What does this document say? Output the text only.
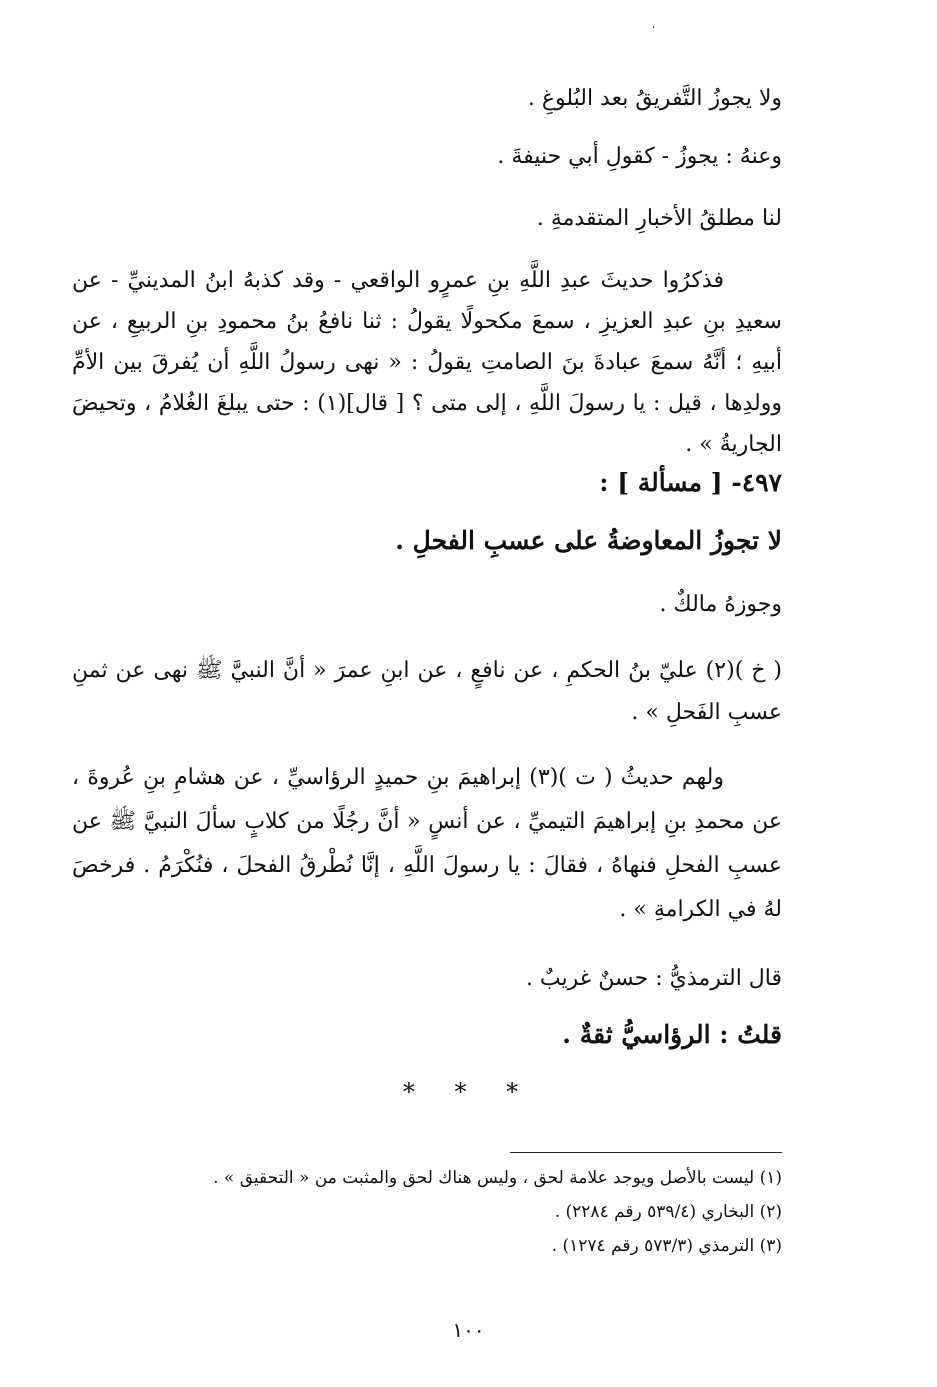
،
ولا يجوزُ التَّفريقُ بعد البُلوغِ .
وعنهُ : يجوزُ - كقولِ أبي حنيفةَ .
لنا مطلقُ الأخبارِ المتقدمةِ .
فذكرُوا حديثَ عبدِ اللَّهِ بنِ عمرٍو الواقعي - وقد كذبهُ ابنُ المدينيِّ - عن سعيدِ بنِ عبدِ العزيزِ ، سمعَ مكحولًا يقولُ : ثنا نافعُ بنُ محمودِ بنِ الربيعِ ، عن أبيهِ ؛ أنَّهُ سمعَ عبادةَ بنَ الصامتِ يقولُ : « نهى رسولُ اللَّهِ أن يُفرقَ بين الأمِّ وولدِها ، قيل : يا رسولَ اللَّهِ ، إلى متى ؟ [ قال](١) : حتى يبلغَ الغُلامُ ، وتحيضَ الجاريةُ » .
٤٩٧- [ مسألة ] :
لا تجوزُ المعاوضةُ على عسبِ الفحلِ .
وجوزهُ مالكٌ .
( خ )(٢) عليّ بنُ الحكمِ ، عن نافعٍ ، عن ابنِ عمرَ « أنَّ النبيَّ ﷺ نهى عن ثمنِ عسبِ الفَحلِ » .
ولهم حديثُ ( ت )(٣) إبراهيمَ بنِ حميدٍ الرؤاسيِّ ، عن هشامِ بنِ عُروةَ ، عن محمدِ بنِ إبراهيمَ التيميِّ ، عن أنسٍ « أنَّ رجُلًا من كلابٍ سألَ النبيَّ ﷺ عن عسبِ الفحلِ فنهاهُ ، فقالَ : يا رسولَ اللَّهِ ، إنَّا نُطْرقُ الفحلَ ، فنُكْرَمُ . فرخصَ لهُ في الكرامةِ » .
قال الترمذيُّ : حسنٌ غريبٌ .
قلتُ : الرؤاسيُّ ثقةٌ .
* * *
(١) ليست بالأصل ويوجد علامة لحق ، وليس هناك لحق والمثبت من « التحقيق » .
(٢) البخاري (٥٣٩/٤ رقم ٢٢٨٤) .
(٣) الترمذي (٥٧٣/٣ رقم ١٢٧٤) .
١٠٠
